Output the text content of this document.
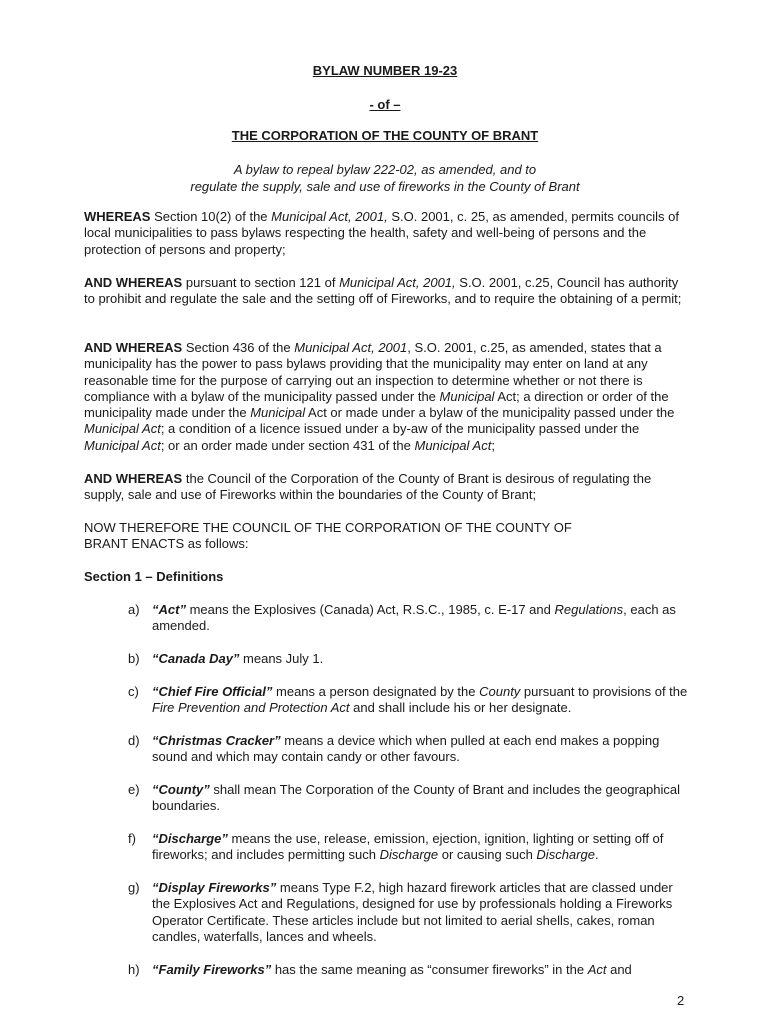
BYLAW NUMBER 19-23
- of –
THE CORPORATION OF THE COUNTY OF BRANT
A bylaw to repeal bylaw 222-02, as amended, and to
regulate the supply, sale and use of fireworks in the County of Brant
WHEREAS Section 10(2) of the Municipal Act, 2001, S.O. 2001, c. 25, as amended, permits councils of local municipalities to pass bylaws respecting the health, safety and well-being of persons and the protection of persons and property;
AND WHEREAS pursuant to section 121 of Municipal Act, 2001, S.O. 2001, c.25, Council has authority to prohibit and regulate the sale and the setting off of Fireworks, and to require the obtaining of a permit;
AND WHEREAS Section 436 of the Municipal Act, 2001, S.O. 2001, c.25, as amended, states that a municipality has the power to pass bylaws providing that the municipality may enter on land at any reasonable time for the purpose of carrying out an inspection to determine whether or not there is compliance with a bylaw of the municipality passed under the Municipal Act; a direction or order of the municipality made under the Municipal Act or made under a bylaw of the municipality passed under the Municipal Act; a condition of a licence issued under a by-aw of the municipality passed under the Municipal Act; or an order made under section 431 of the Municipal Act;
AND WHEREAS the Council of the Corporation of the County of Brant is desirous of regulating the supply, sale and use of Fireworks within the boundaries of the County of Brant;
NOW THEREFORE THE COUNCIL OF THE CORPORATION OF THE COUNTY OF
BRANT ENACTS as follows:
Section 1 – Definitions
a) “Act” means the Explosives (Canada) Act, R.S.C., 1985, c. E-17 and Regulations, each as amended.
b) “Canada Day” means July 1.
c)	“Chief Fire Official” means a person designated by the County pursuant to provisions of the Fire Prevention and Protection Act and shall include his or her designate.
d) “Christmas Cracker” means a device which when pulled at each end makes a popping sound and which may contain candy or other favours.
e) “County” shall mean The Corporation of the County of Brant and includes the geographical boundaries.
f)	“Discharge” means the use, release, emission, ejection, ignition, lighting or setting off of fireworks; and includes permitting such Discharge or causing such Discharge.
g) “Display Fireworks” means Type F.2, high hazard firework articles that are classed under the Explosives Act and Regulations, designed for use by professionals holding a Fireworks Operator Certificate. These articles include but not limited to aerial shells, cakes, roman candles, waterfalls, lances and wheels.
h) “Family Fireworks” has the same meaning as “consumer fireworks” in the Act and
2
